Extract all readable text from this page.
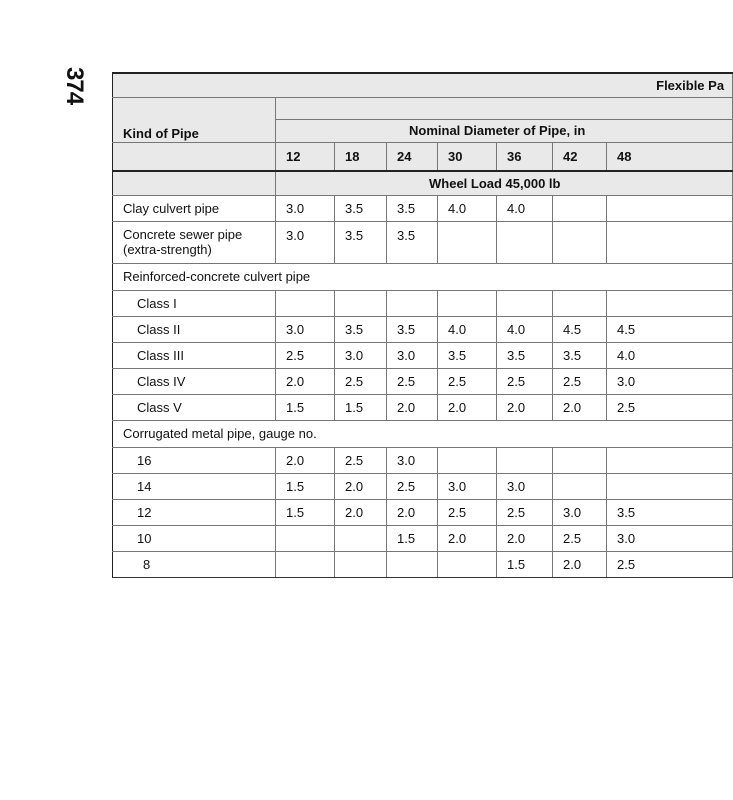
374	Flexible Pa							
Kind of Pipe							
	Nominal Diameter of Pipe, in						
	12	18	24	30	36	42	48
	Wheel Load 45,000 lb						
Clay culvert pipe	3.0	3.5	3.5	4.0	4.0		
Concrete sewer pipe (extra-strength)	3.0	3.5	3.5				
Reinforced-concrete culvert pipe							
Class I							
Class II	3.0	3.5	3.5	4.0	4.0	4.5	4.5
Class III	2.5	3.0	3.0	3.5	3.5	3.5	4.0
Class IV	2.0	2.5	2.5	2.5	2.5	2.5	3.0
Class V	1.5	1.5	2.0	2.0	2.0	2.0	2.5
Corrugated metal pipe, gauge no.							
16	2.0	2.5	3.0				
14	1.5	2.0	2.5	3.0	3.0		
12	1.5	2.0	2.0	2.5	2.5	3.0	3.5
10			1.5	2.0	2.0	2.5	3.0
8					1.5	2.0	2.5
